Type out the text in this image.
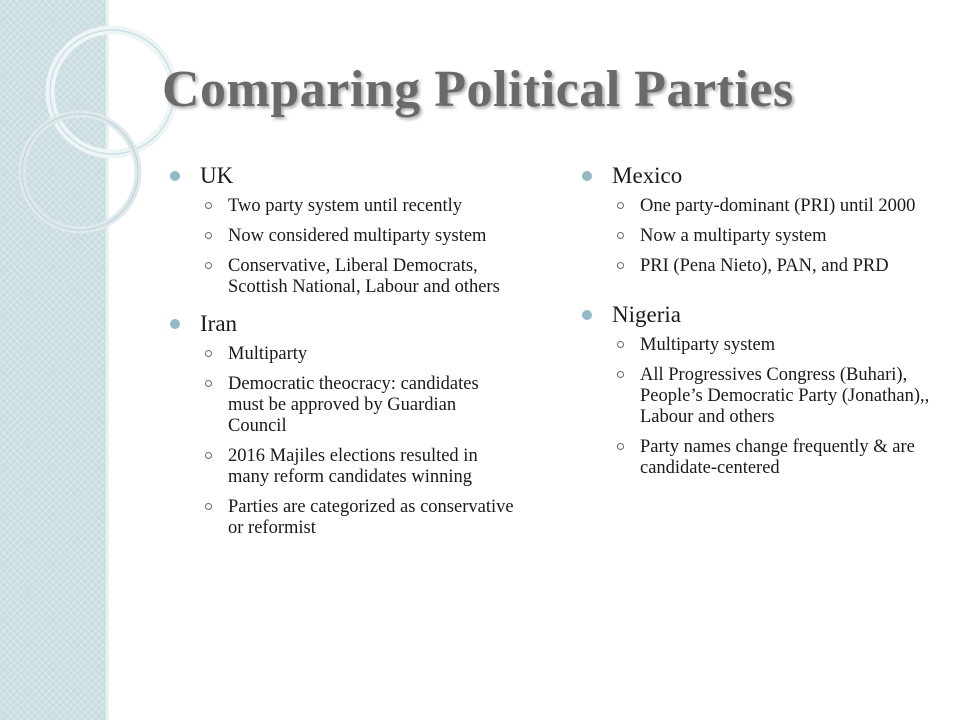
Comparing Political Parties
UK
Two party system until recently
Now considered multiparty system
Conservative, Liberal Democrats, Scottish National, Labour and others
Iran
Multiparty
Democratic theocracy: candidates must be approved by Guardian Council
2016 Majiles elections resulted in many reform candidates winning
Parties are categorized as conservative or reformist
Mexico
One party-dominant (PRI) until 2000
Now a multiparty system
PRI (Pena Nieto), PAN, and PRD
Nigeria
Multiparty system
All Progressives Congress (Buhari), People’s Democratic Party (Jonathan),, Labour and others
Party names change frequently & are candidate-centered
